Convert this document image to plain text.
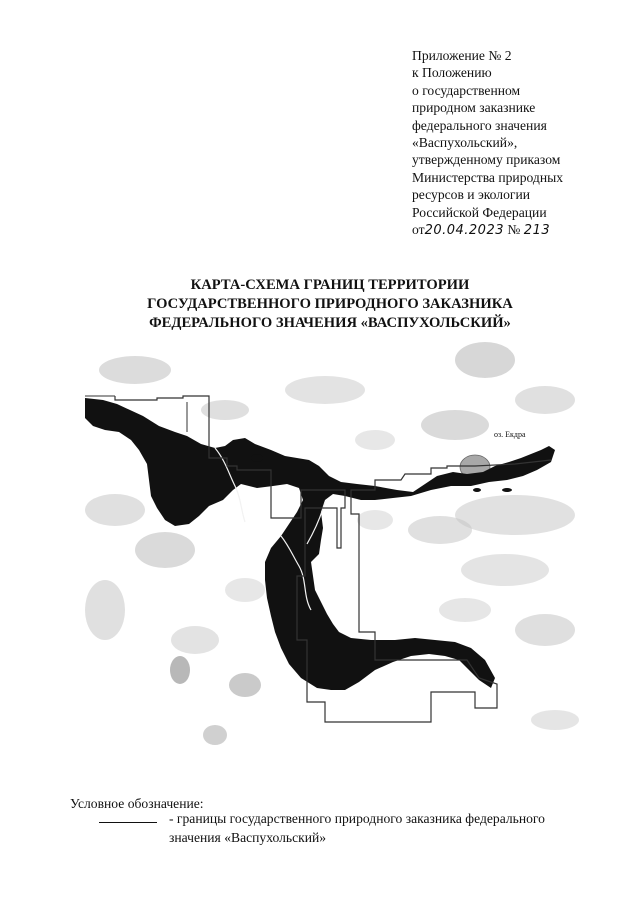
Приложение № 2
к Положению
о государственном
природном заказнике
федерального значения
«Васпухольский»,
утвержденному приказом
Министерства природных
ресурсов и экологии
Российской Федерации
от20.04.2023 № 213
КАРТА-СХЕМА ГРАНИЦ ТЕРРИТОРИИ
ГОСУДАРСТВЕННОГО ПРИРОДНОГО ЗАКАЗНИКА
ФЕДЕРАЛЬНОГО ЗНАЧЕНИЯ «ВАСПУХОЛЬСКИЙ»
оз. Екдра
Условное обозначение:
- границы государственного природного заказника федерального
значения «Васпухольский»
